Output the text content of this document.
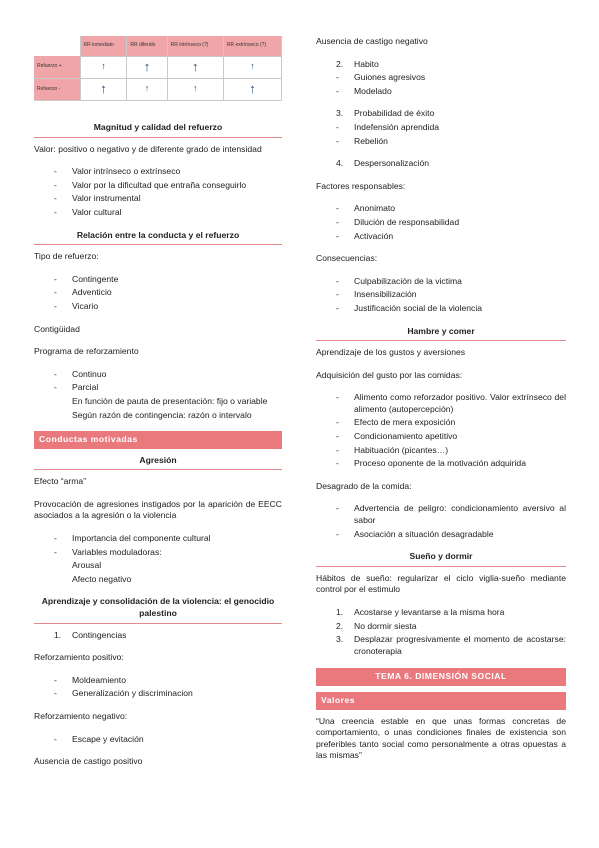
	RR inmediato	RR diferido	RR intrínseco (?)	RR extrínseco (?)
Refuerzo +	↑	↑	↑	↑
Refuerzo -	↑	↑	↑	↑
Magnitud y calidad del refuerzo
Valor: positivo o negativo y de diferente grado de intensidad
- Valor intrínseco o extrínseco
- Valor por la dificultad que entraña conseguirlo
- Valor instrumental
- Valor cultural
Relación entre la conducta y el refuerzo
Tipo de refuerzo:
- Contingente
- Adventicio
- Vicario
Contigüidad
Programa de reforzamiento
- Continuo
- Parcial
En función de pauta de presentación: fijo o variable
Según razón de contingencia: razón o intervalo
Conductas motivadas
Agresión
Efecto “arma”
Provocación de agresiones instigados por la aparición de EECC asociados a la agresión o la violencia
- Importancia del componente cultural
- Variables moduladoras:
Arousal
Afecto negativo
Aprendizaje y consolidación de la violencia: el genocidio palestino
1. Contingencias
Reforzamiento positivo:
- Moldeamiento
- Generalización y discriminacion
Reforzamiento negativo:
- Escape y evitación
Ausencia de castigo positivo
Ausencia de castigo negativo
2. Habito
- Guiones agresivos
- Modelado
3. Probabilidad de éxito
- Indefensión aprendida
- Rebelión
4. Despersonalización
Factores responsables:
- Anonimato
- Dilución de responsabilidad
- Activación
Consecuencias:
- Culpabilización de la victima
- Insensibilización
- Justificación social de la violencia
Hambre y comer
Aprendizaje de los gustos y aversiones
Adquisición del gusto por las comidas:
- Alimento como reforzador positivo. Valor extrínseco del alimento (autopercepción)
- Efecto de mera exposición
- Condicionamiento apetitivo
- Habituación (picantes…)
- Proceso oponente de la motivación adquirida
Desagrado de la comida:
- Advertencia de peligro: condicionamiento aversivo al sabor
- Asociación a situación desagradable
Sueño y dormir
Hábitos de sueño: regularizar el ciclo viglia-sueño mediante control por el estimulo
1. Acostarse y levantarse a la misma hora
2. No dormir siesta
3. Desplazar progresivamente el momento de acostarse: cronoterapia
TEMA 6. DIMENSIÓN SOCIAL
Valores
“Una creencia estable en que unas formas concretas de comportamiento, o unas condiciones finales de existencia son preferibles tanto social como personalmente a otras opuestas a las mismas”
